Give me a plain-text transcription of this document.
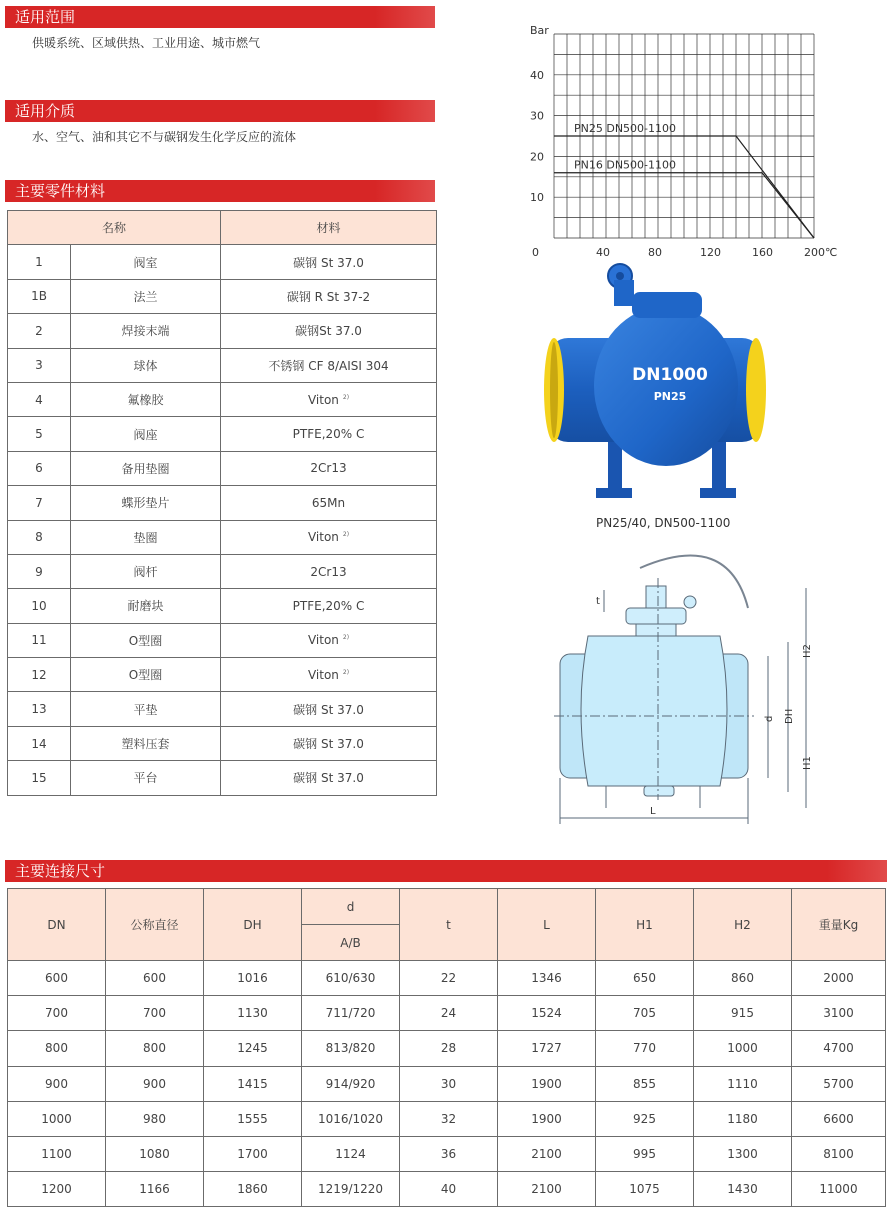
适用范围
供暖系统、区域供热、工业用途、城市燃气
适用介质
水、空气、油和其它不与碳钢发生化学反应的流体
主要零件材料
名称		材料
1	阀室	碳钢 St 37.0
1B	法兰	碳钢 R St 37-2
2	焊接末端	碳钢St 37.0
3	球体	不锈钢 CF 8/AISI 304
4	氟橡胶	Viton $^{2)}$
5	阀座	PTFE,20% C
6	备用垫圈	2Cr13
7	蝶形垫片	65Mn
8	垫圈	Viton $^{2)}$
9	阀杆	2Cr13
10	耐磨块	PTFE,20% C
11	O型圈	Viton $^{2)}$
12	O型圈	Viton $^{2)}$
13	平垫	碳钢 St 37.0
14	塑料压套	碳钢 St 37.0
15	平台	碳钢 St 37.0
Bar
10
20
30
40
0	40	80	120	160	200℃
PN25 DN500-1100
PN16 DN500-1100
DN1000
PN25
PN25/40, DN500-1100
t
H2
d DH
H1
L
主要连接尺寸
DN	公称直径	DH	d	t	L	H1	H2	重量Kg
			A/B					
600	600	1016	610/630	22	1346	650	860	2000
700	700	1130	711/720	24	1524	705	915	3100
800	800	1245	813/820	28	1727	770	1000	4700
900	900	1415	914/920	30	1900	855	1110	5700
1000	980	1555	1016/1020	32	1900	925	1180	6600
1100	1080	1700	1124	36	2100	995	1300	8100
1200	1166	1860	1219/1220	40	2100	1075	1430	11000
